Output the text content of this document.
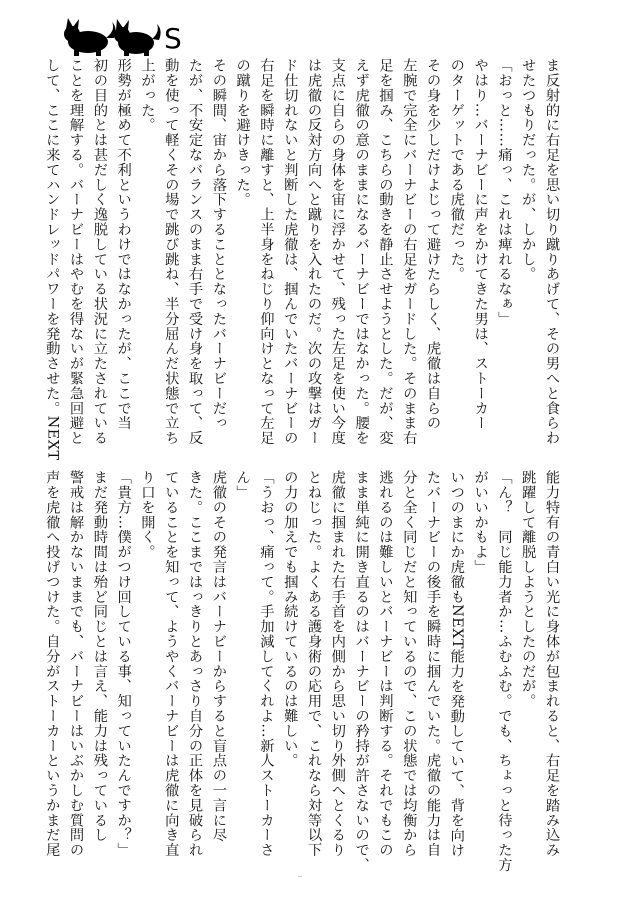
S
ま反射的に右足を思い切り蹴りあげて、その男へと食らわ
せたつもりだった。が、しかし。
「おっと……痛っ、これは痺れるなぁ」
やはり…バーナビーに声をかけてきた男は、ストーカー
のターゲットである虎徹だった。
その身を少しだけよじって避けたらしく、虎徹は自らの
左腕で完全にバーナビーの右足をガードした。そのまま右
足を掴み、こちらの動きを静止させようとした。だが、変
えず虎徹の意のままになるバーナビーではなかった。腰を
支点に自らの身体を宙に浮かせて、残った左足を使い今度
は虎徹の反対方向へと蹴りを入れたのだ。次の攻撃はガー
ド仕切れないと判断した虎徹は、掴んでいたバーナビーの
右足を瞬時に離すと、上半身をねじり仰向けとなって左足
の蹴りを避けきった。
その瞬間、宙から落下することとなったバーナビーだっ
たが、不安定なバランスのまま右手で受け身を取って、反
動を使って軽くその場で跳び跳ね、半分屈んだ状態で立ち
上がった。
形勢が極めて不利というわけではなかったが、ここで当
初の目的とは甚だしく逸脱している状況に立たされている
ことを理解する。バーナビーはやむを得ないが緊急回避と
して、ここに来てハンドレッドパワーを発動させた。NEXT
能力特有の青白い光に身体が包まれると、右足を踏み込み
跳躍して離脱しようとしたのだが。
「ん？　同じ能力者か…ふむふむ。でも、ちょっと待った方
がいいかもよ」
いつのまにか虎徹もNEXT能力を発動していて、背を向け
たバーナビーの後手を瞬時に掴んでいた。虎徹の能力は自
分と全く同じだと知っているので、この状態では均衡から
逃れるのは難しいとバーナビーは判断する。それでもこの
まま単純に開き直るのはバーナビーの矜持が許さないので、
虎徹に掴まれた右手首を内側から思い切り外側へとくるり
とねじった。よくある護身術の応用で、これなら対等以下
の力の加えでも掴み続けているのは難しい。
「うおっ、痛って。手加減してくれよ…新人ストーカーさ
ん」
虎徹のその発言はバーナビーからすると盲点の一言に尽
きた。ここまではっきりとあっさり自分の正体を見破られ
ていることを知って、ようやくバーナビーは虎徹に向き直
り口を開く。
「貴方…僕がつけ回している事、知っていたんですか？」
まだ発動時間は殆ど同じとは言え、能力は残っているし
警戒は解かないままでも、バーナビーはいぶかしむ質問の
声を虎徹へ投げつけた。自分がストーカーというかまだ尾
